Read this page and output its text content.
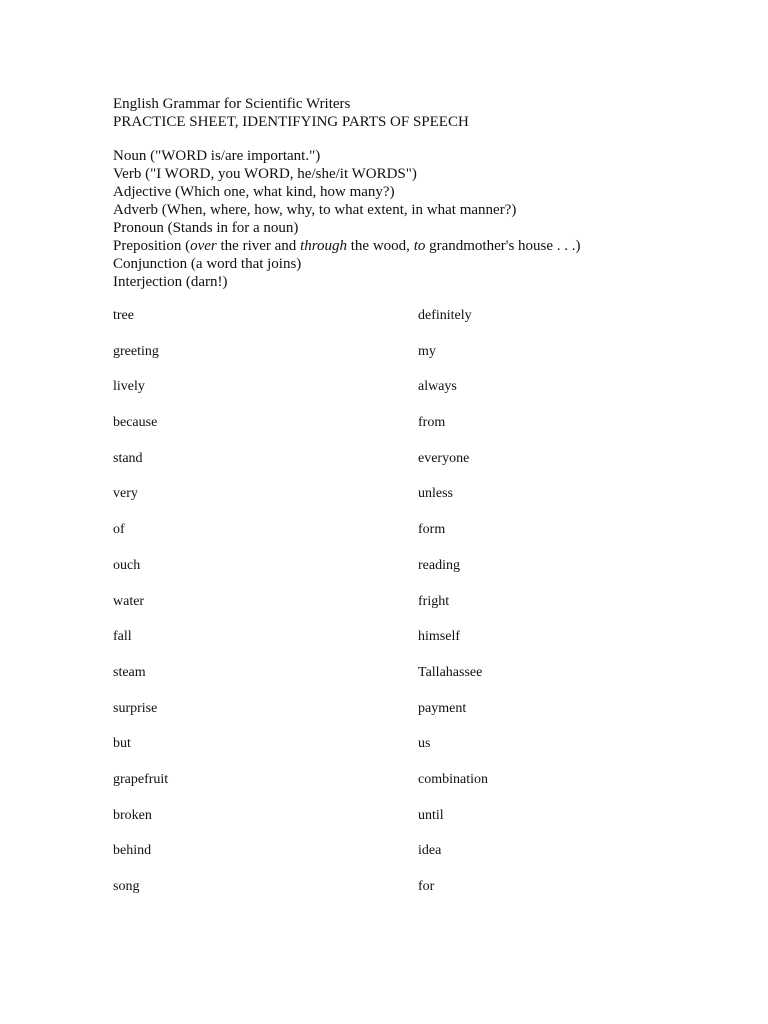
English Grammar for Scientific Writers
PRACTICE SHEET, IDENTIFYING PARTS OF SPEECH
Noun ("WORD is/are important.")
Verb ("I WORD, you WORD, he/she/it WORDS")
Adjective (Which one, what kind, how many?)
Adverb (When, where, how, why, to what extent, in what manner?)
Pronoun (Stands in for a noun)
Preposition (over the river and through the wood, to grandmother's house . . .)
Conjunction (a word that joins)
Interjection (darn!)
tree	definitely
greeting	my
lively	always
because	from
stand	everyone
very	unless
of	form
ouch	reading
water	fright
fall	himself
steam	Tallahassee
surprise	payment
but	us
grapefruit	combination
broken	until
behind	idea
song	for
